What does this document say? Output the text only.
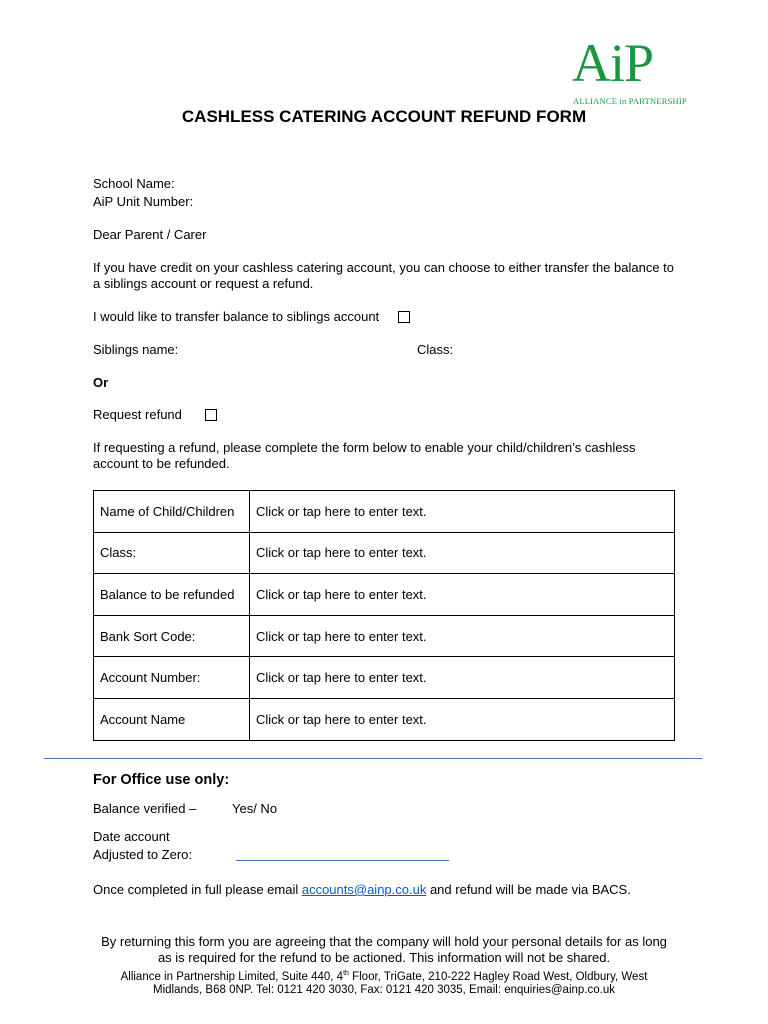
AiP
ALLIANCE in PARTNERSHIP
CASHLESS CATERING ACCOUNT REFUND FORM
School Name:
AiP Unit Number:
Dear Parent / Carer
If you have credit on your cashless catering account, you can choose to either transfer the balance to a siblings account or request a refund.
I would like to transfer balance to siblings account
Siblings name:	Class:
Or
Request refund
If requesting a refund, please complete the form below to enable your child/children’s cashless account to be refunded.
Name of Child/Children	Click or tap here to enter text.
Class:	Click or tap here to enter text.
Balance to be refunded	Click or tap here to enter text.
Bank Sort Code:	Click or tap here to enter text.
Account Number:	Click or tap here to enter text.
Account Name	Click or tap here to enter text.
For Office use only:
Balance verified –	Yes/ No
Date account
Adjusted to Zero:
Once completed in full please email accounts@ainp.co.uk and refund will be made via BACS.
By returning this form you are agreeing that the company will hold your personal details for as long
as is required for the refund to be actioned. This information will not be shared.
Alliance in Partnership Limited, Suite 440, 4th Floor, TriGate, 210-222 Hagley Road West, Oldbury, West
Midlands, B68 0NP. Tel: 0121 420 3030, Fax: 0121 420 3035, Email: enquiries@ainp.co.uk
